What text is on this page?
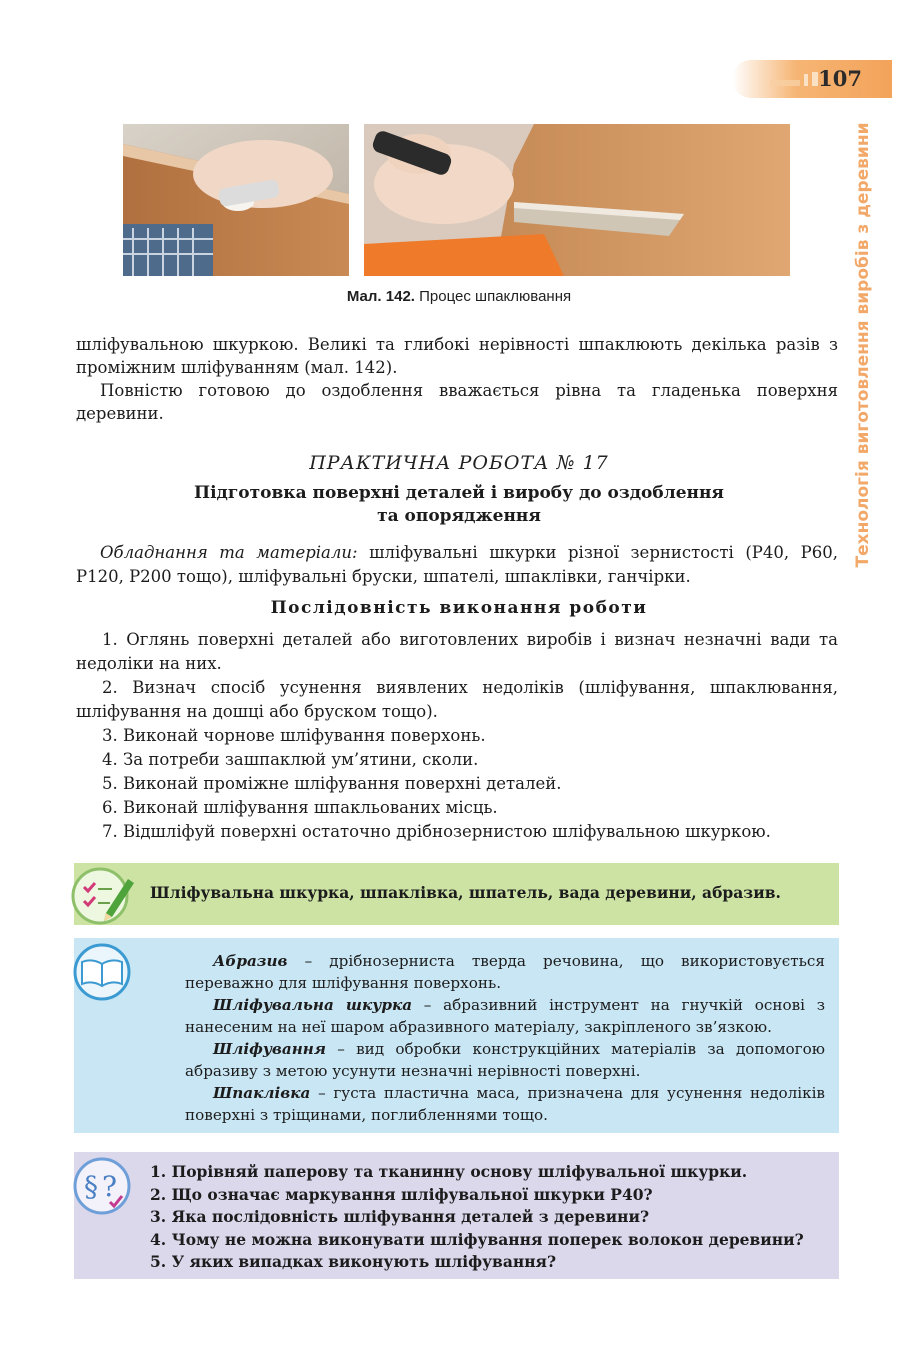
107
Технологія виготовлення виробів з деревини
Мал. 142. Процес шпаклювання

шліфувальною шкуркою. Великі та глибокі нерівності шпаклюють декілька разів з проміжним шліфуванням (мал. 142).

Повністю готовою до оздоблення вважається рівна та гладенька поверхня деревини.

ПРАКТИЧНА РОБОТА № 17
Підготовка поверхні деталей і виробу до оздоблення
та опорядження

Обладнання та матеріали: шліфувальні шкурки різної зернистості (Р40, Р60, Р120, Р200 тощо), шліфувальні бруски, шпателі, шпаклівки, ганчірки.

Послідовність виконання роботи
1. Оглянь поверхні деталей або виготовлених виробів і визнач незначні вади та недоліки на них.
2. Визнач спосіб усунення виявлених недоліків (шліфування, шпаклювання, шліфування на дошці або бруском тощо).
3. Виконай чорнове шліфування поверхонь.
4. За потреби зашпаклюй ум’ятини, сколи.
5. Виконай проміжне шліфування поверхні деталей.
6. Виконай шліфування шпакльованих місць.
7. Відшліфуй поверхні остаточно дрібнозернистою шліфувальною шкуркою.
Шліфувальна шкурка, шпаклівка, шпатель, вада деревини, абразив.

Абразив – дрібнозерниста тверда речовина, що використовується переважно для шліфування поверхонь.

Шліфувальна шкурка – абразивний інструмент на гнучкій основі з нанесеним на неї шаром абразивного матеріалу, закріпленого зв’язкою.

Шліфування – вид обробки конструкційних матеріалів за допомогою абразиву з метою усунути незначні нерівності поверхні.

Шпаклівка – густа пластична маса, призначена для усунення недоліків поверхні з тріщинами, поглибленнями тощо.

§ ? 1. Порівняй паперову та тканинну основу шліфувальної шкурки.
2. Що означає маркування шліфувальної шкурки Р40?
3. Яка послідовність шліфування деталей з деревини?
4. Чому не можна виконувати шліфування поперек волокон деревини?
5. У яких випадках виконують шліфування?
